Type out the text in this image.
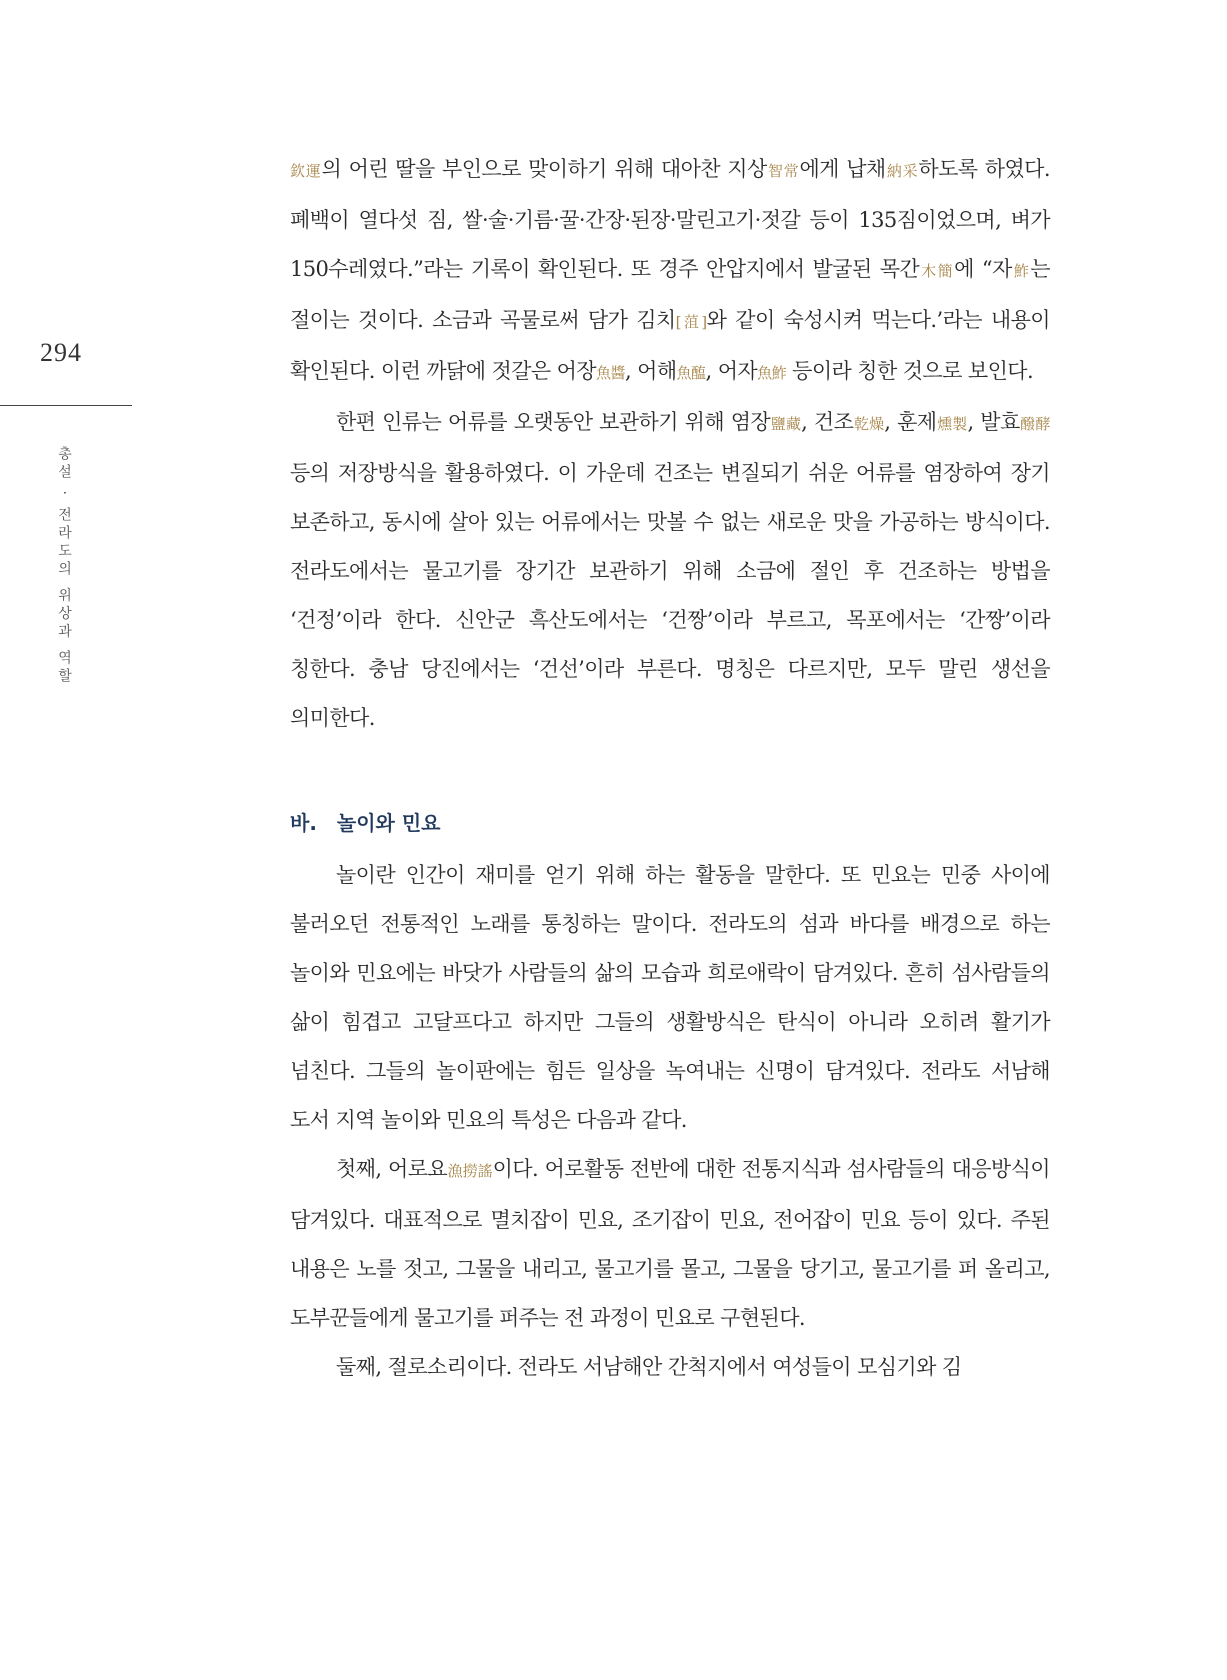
294
총설 · 전라도의 위상과 역할

欽運의 어린 딸을 부인으로 맞이하기 위해 대아찬 지상智常에게 납채納采하도록 하였다. 폐백이 열다섯 짐, 쌀·술·기름·꿀·간장·된장·말린고기·젓갈 등이 135짐이었으며, 벼가 150수레였다.”라는 기록이 확인된다. 또 경주 안압지에서 발굴된 목간木簡에 “자鮓는 절이는 것이다. 소금과 곡물로써 담가 김치[菹]와 같이 숙성시켜 먹는다.’라는 내용이 확인된다. 이런 까닭에 젓갈은 어장魚醬, 어해魚醢, 어자魚鮓 등이라 칭한 것으로 보인다.

한편 인류는 어류를 오랫동안 보관하기 위해 염장鹽藏, 건조乾燥, 훈제燻製, 발효醱酵 등의 저장방식을 활용하였다. 이 가운데 건조는 변질되기 쉬운 어류를 염장하여 장기 보존하고, 동시에 살아 있는 어류에서는 맛볼 수 없는 새로운 맛을 가공하는 방식이다. 전라도에서는 물고기를 장기간 보관하기 위해 소금에 절인 후 건조하는 방법을 ‘건정’이라 한다. 신안군 흑산도에서는 ‘건짱’이라 부르고, 목포에서는 ‘간짱’이라 칭한다. 충남 당진에서는 ‘건선’이라 부른다. 명칭은 다르지만, 모두 말린 생선을 의미한다.

바. 놀이와 민요

놀이란 인간이 재미를 얻기 위해 하는 활동을 말한다. 또 민요는 민중 사이에 불러오던 전통적인 노래를 통칭하는 말이다. 전라도의 섬과 바다를 배경으로 하는 놀이와 민요에는 바닷가 사람들의 삶의 모습과 희로애락이 담겨있다. 흔히 섬사람들의 삶이 힘겹고 고달프다고 하지만 그들의 생활방식은 탄식이 아니라 오히려 활기가 넘친다. 그들의 놀이판에는 힘든 일상을 녹여내는 신명이 담겨있다. 전라도 서남해 도서 지역 놀이와 민요의 특성은 다음과 같다.

첫째, 어로요漁撈謠이다. 어로활동 전반에 대한 전통지식과 섬사람들의 대응방식이 담겨있다. 대표적으로 멸치잡이 민요, 조기잡이 민요, 전어잡이 민요 등이 있다. 주된 내용은 노를 젓고, 그물을 내리고, 물고기를 몰고, 그물을 당기고, 물고기를 퍼 올리고, 도부꾼들에게 물고기를 퍼주는 전 과정이 민요로 구현된다.

둘째, 절로소리이다. 전라도 서남해안 간척지에서 여성들이 모심기와 김
